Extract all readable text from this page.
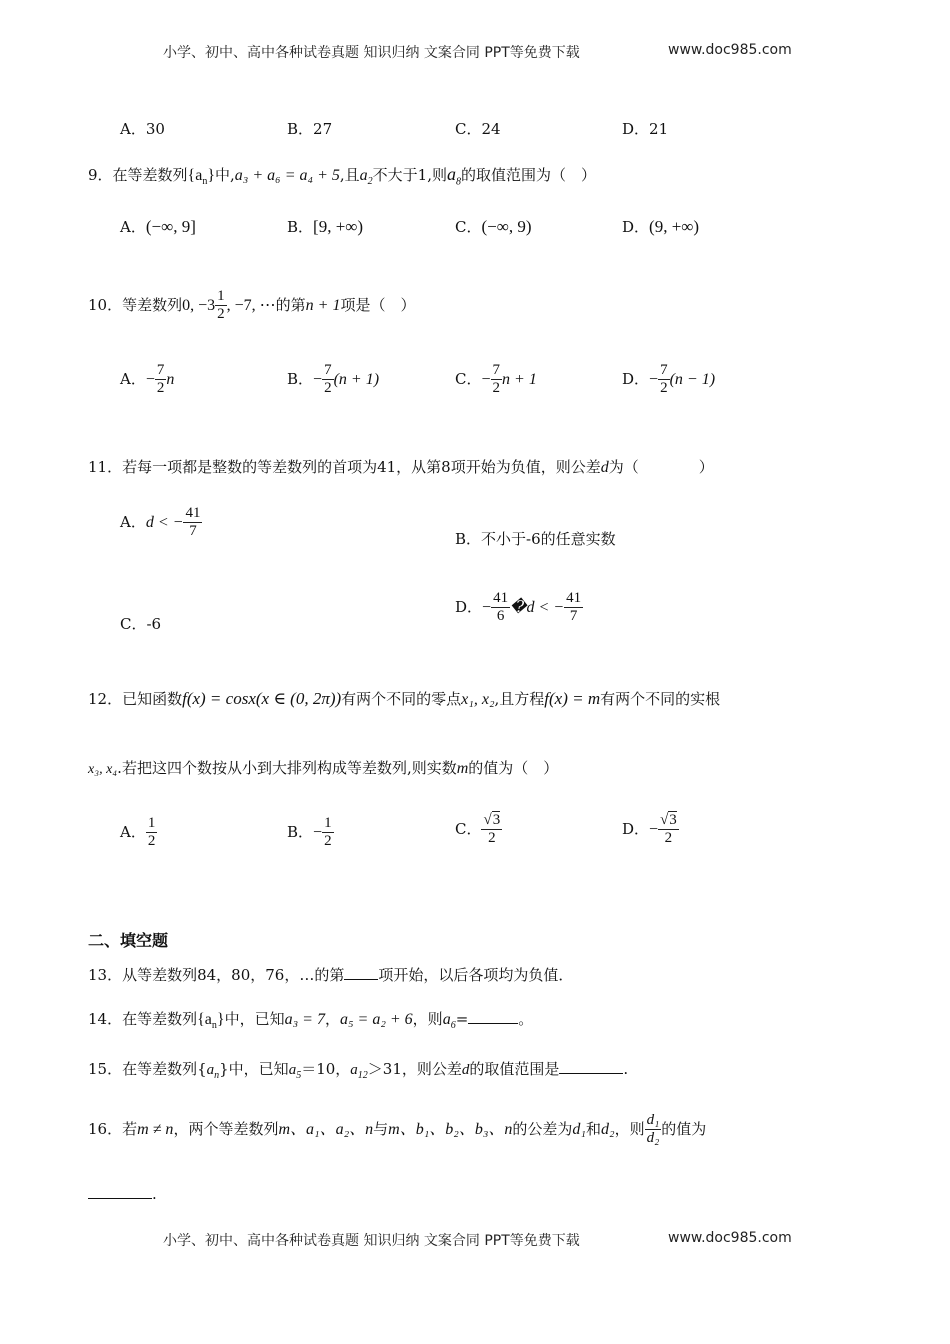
小学、初中、高中各种试卷真题 知识归纳 文案合同 PPT等免费下载	www.doc985.com
A．30	B．27	C．24	D．21
9．在等差数列$\{a_n\}$中,a₃ + a₆ = a₄ + 5,且$a_2$不大于1,则$a_8$的取值范围为（　）
A．(−∞, 9]	B．[9, +∞)	C．(−∞, 9)	D．(9, +∞)
10．等差数列0, $-3 \frac{1}{2}$ , −7, ⋯的第n + 1项是（　）
A．− $\frac{7}{2}$ n	B．− $\frac{7}{2} (n + 1)$	C．− $\frac{7}{2}$ n + 1	D．− $\frac{7}{2} (n - 1)$
11．若每一项都是整数的等差数列的首项为41，从第8项开始为负值，则公差d为（　　　　）
A．d < − $\frac{41}{7}$	B．不小于-6的任意实数
C．-6
D．− $\frac{41}{6}$ �d < − $\frac{41}{7}$
12．已知函数f(x) = cosx(x ∈ (0, 2π))有两个不同的零点x₁, x₂,且方程f(x) = m有两个不同的实根
x₃, x₄.若把这四个数按从小到大排列构成等差数列,则实数m的值为（　）
A． $\frac{1}{2}$	B．− $\frac{1}{2}$	C． $\frac{√3}{2}$	D．− $\frac{√3}{2}$
二、填空题
13．从等差数列84，80，76，…的第 项开始，以后各项均为负值．
14．在等差数列$\{a_n\}$中，已知a₃ = 7，a₅ = a₂ + 6，则$a_6=$	。
15．在等差数列$\{a_n\}$中，已知$a_5=10$，$a_{12}>31$，则公差d的取值范围是	.
16．若m ≠ n，两个等差数列m、a₁、a₂、n与m、b₁、b₂、b₃、n的公差为d₁和d₂，则 $\frac{\text{d₁}}{\text{d₂}}$ 的值为
.
小学、初中、高中各种试卷真题 知识归纳 文案合同 PPT等免费下载	www.doc985.com
